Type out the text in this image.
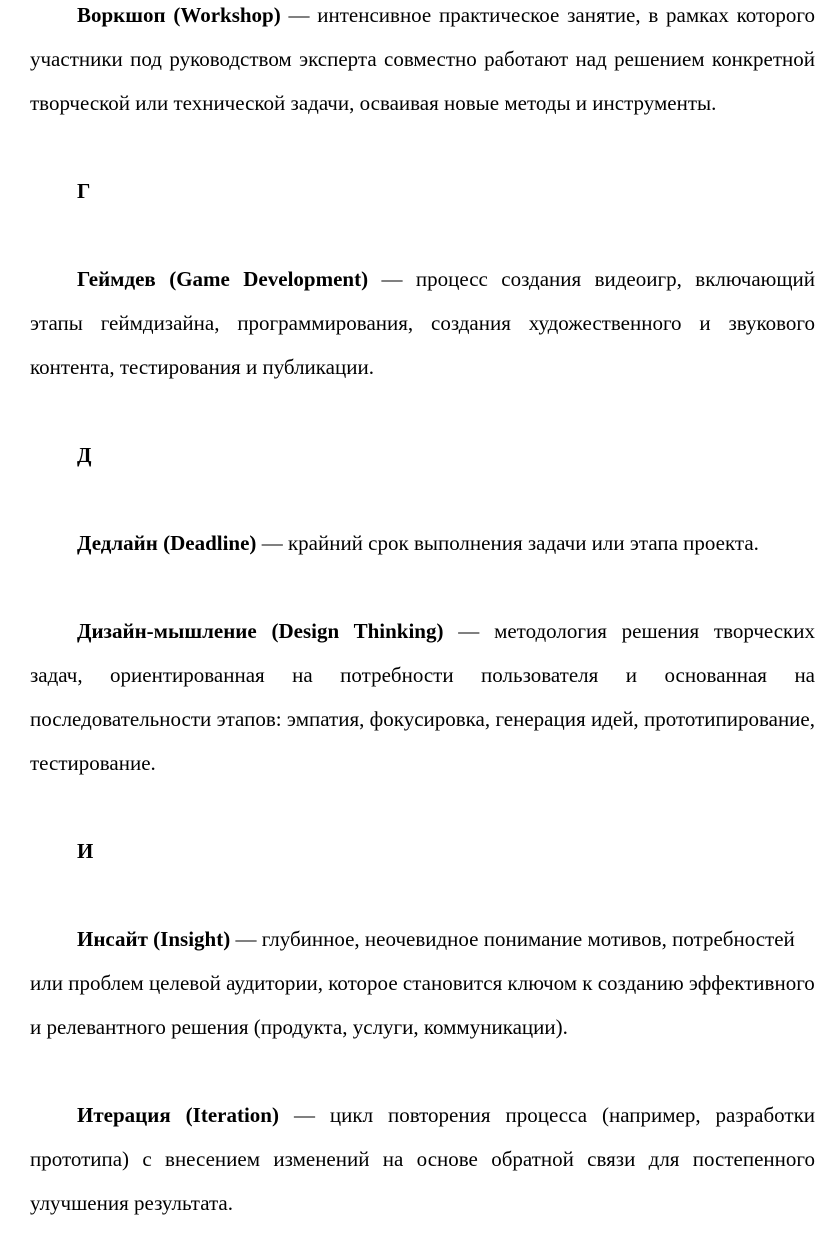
Воркшоп (Workshop) — интенсивное практическое занятие, в рамках которого участники под руководством эксперта совместно работают над решением конкретной творческой или технической задачи, осваивая новые методы и инструменты.

Г

Геймдев (Game Development) — процесс создания видеоигр, включающий этапы геймдизайна, программирования, создания художественного и звукового контента, тестирования и публикации.

Д

Дедлайн (Deadline) — крайний срок выполнения задачи или этапа проекта.

Дизайн-мышление (Design Thinking) — методология решения творческих задач, ориентированная на потребности пользователя и основанная на последовательности этапов: эмпатия, фокусировка, генерация идей, прототипирование, тестирование.

И

Инсайт (Insight) — глубинное, неочевидное понимание мотивов, потребностей или проблем целевой аудитории, которое становится ключом к созданию эффективного и релевантного решения (продукта, услуги, коммуникации).

Итерация (Iteration) — цикл повторения процесса (например, разработки прототипа) с внесением изменений на основе обратной связи для постепенного улучшения результата.
